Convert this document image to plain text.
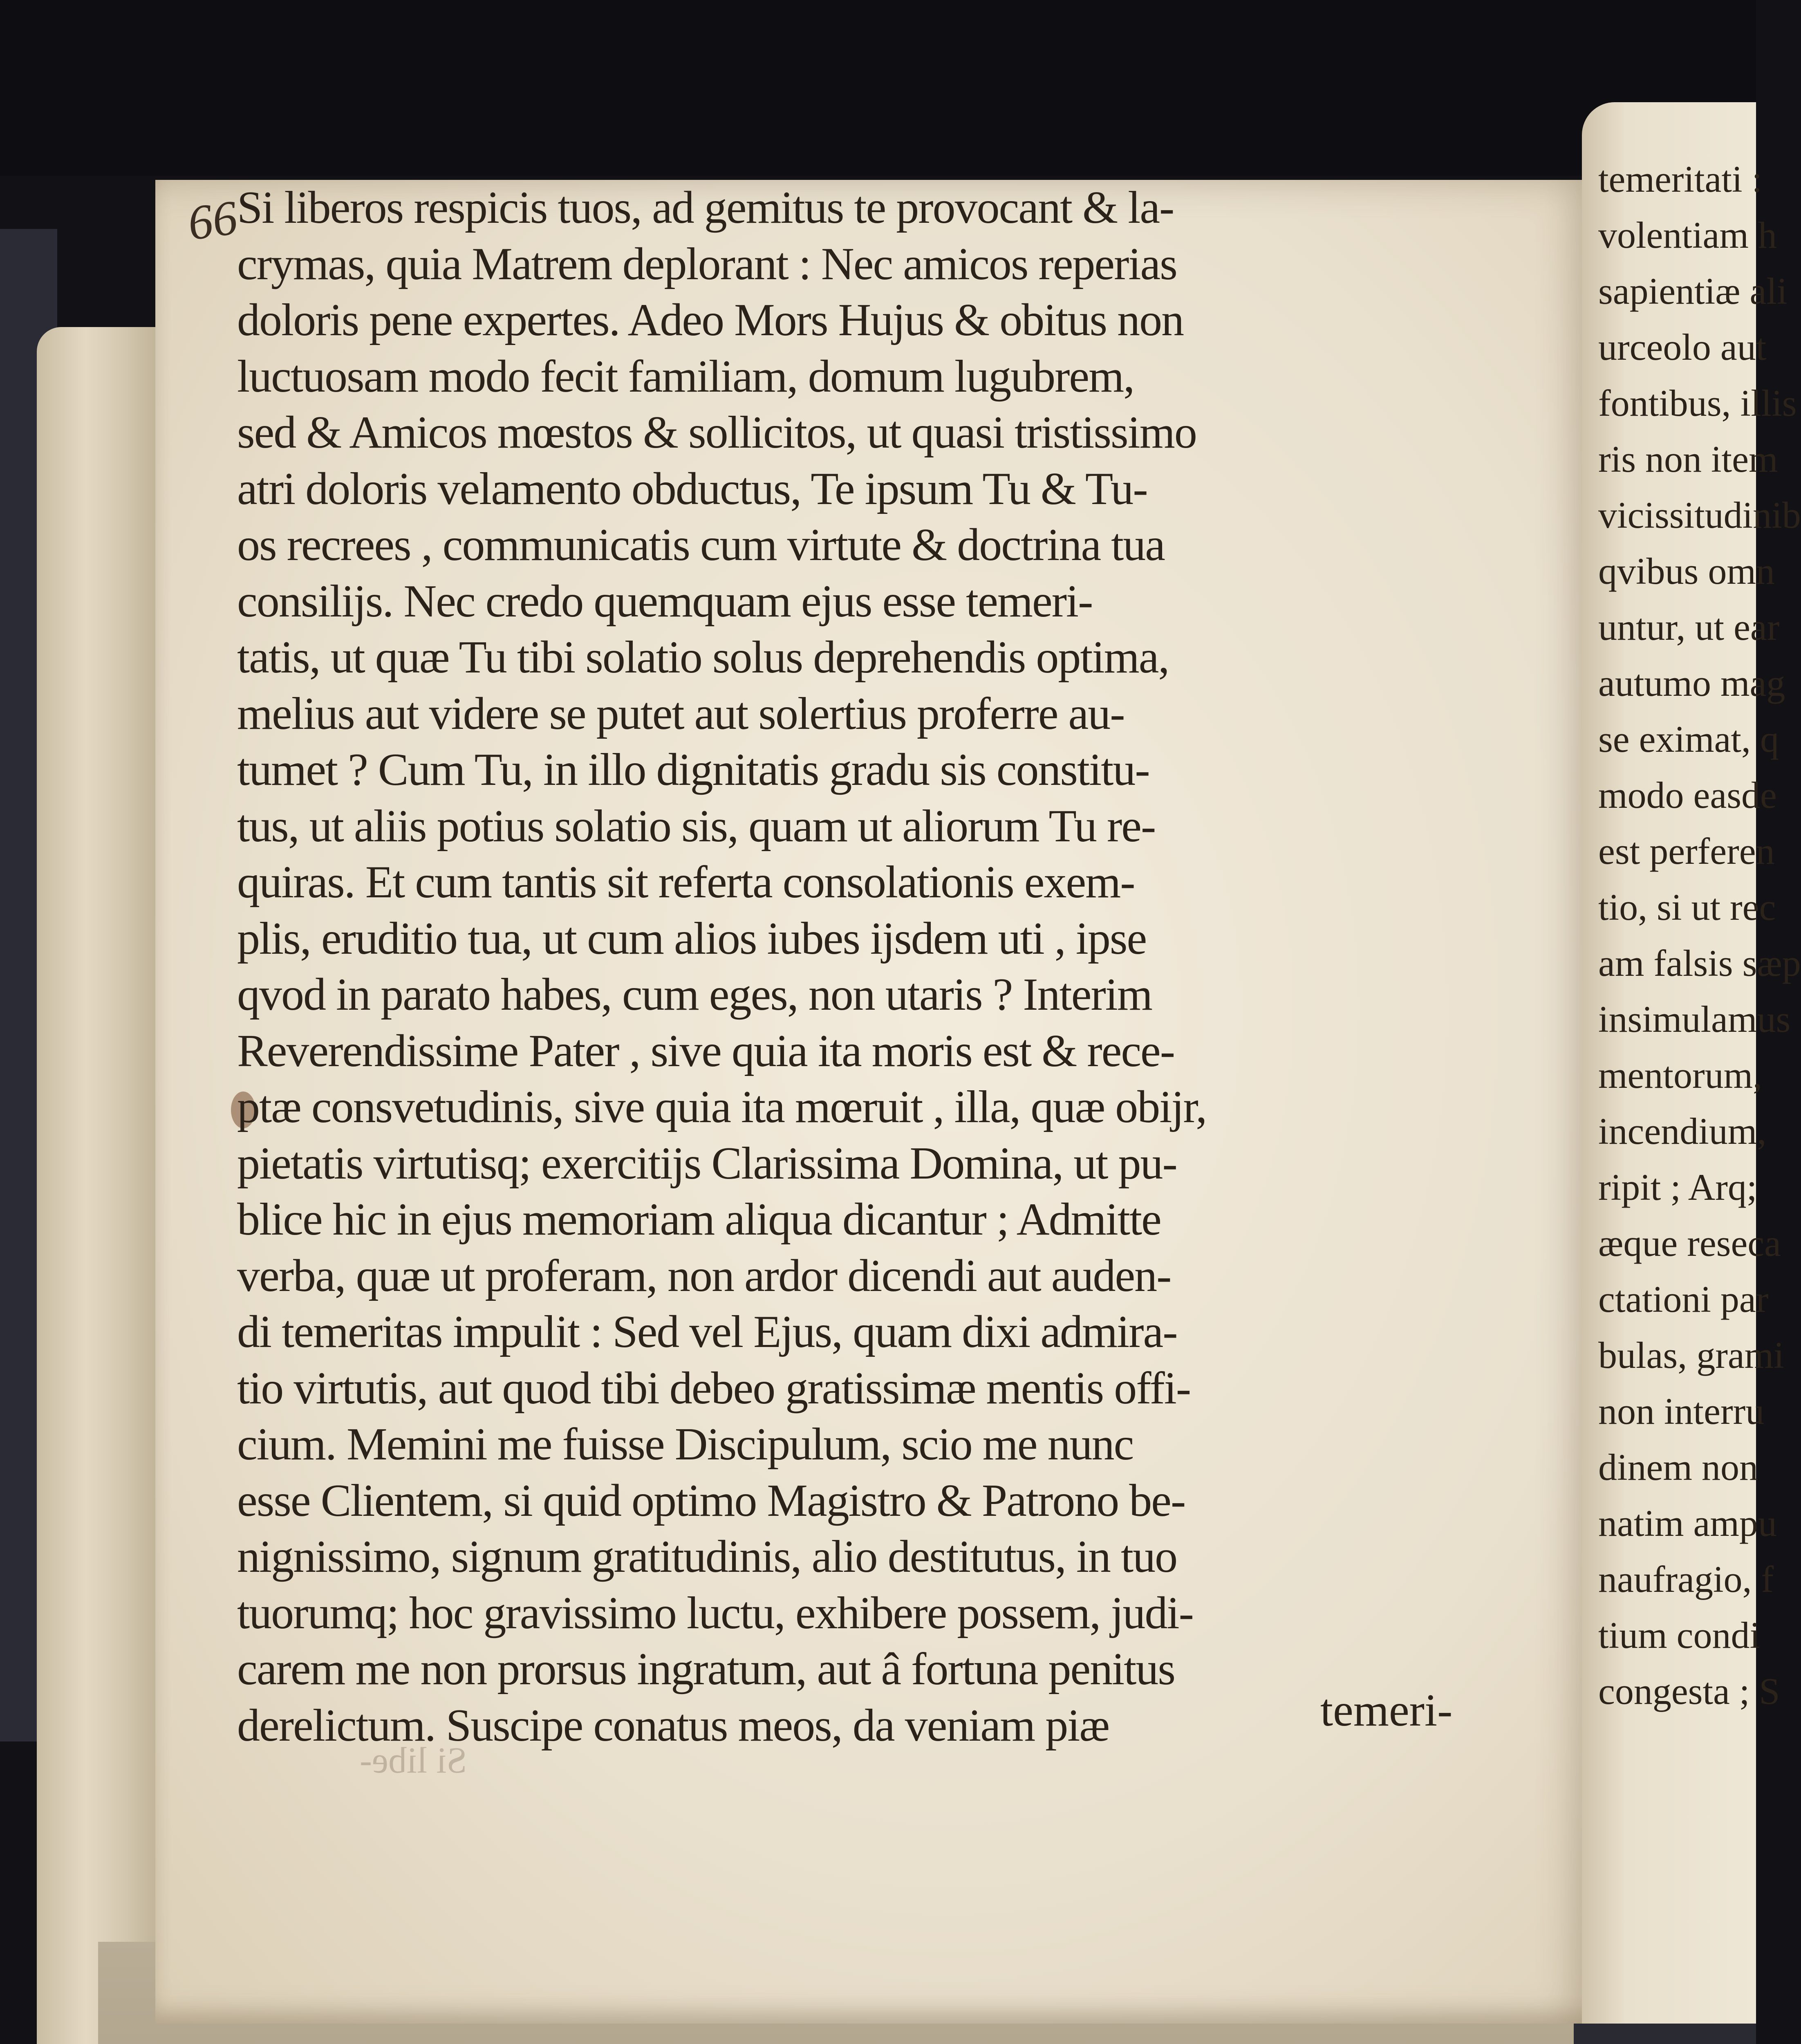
66
Si liberos respicis tuos, ad gemitus te provocant & la-
crymas, quia Matrem deplorant : Nec amicos reperias
doloris pene expertes. Adeo Mors Hujus & obitus non
luctuosam modo fecit familiam, domum lugubrem,
sed & Amicos mœstos & sollicitos, ut quasi tristissimo
atri doloris velamento obductus, Te ipsum Tu & Tu-
os recrees , communicatis cum virtute & doctrina tua
consilijs. Nec credo quemquam ejus esse temeri-
tatis, ut quæ Tu tibi solatio solus deprehendis optima,
melius aut videre se putet aut solertius proferre au-
tumet ? Cum Tu, in illo dignitatis gradu sis constitu-
tus, ut aliis potius solatio sis, quam ut aliorum Tu re-
quiras. Et cum tantis sit referta consolationis exem-
plis, eruditio tua, ut cum alios iubes ijsdem uti , ipse
qvod in parato habes, cum eges, non utaris ? Interim
Reverendissime Pater , sive quia ita moris est & rece-
ptæ consvetudinis, sive quia ita mœruit , illa, quæ obijr,
pietatis virtutisq; exercitijs Clarissima Domina, ut pu-
blice hic in ejus memoriam aliqua dicantur ; Admitte
verba, quæ ut proferam, non ardor dicendi aut auden-
di temeritas impulit : Sed vel Ejus, quam dixi admira-
tio virtutis, aut quod tibi debeo gratissimæ mentis offi-
cium. Memini me fuisse Discipulum, scio me nunc
esse Clientem, si quid optimo Magistro & Patrono be-
nignissimo, signum gratitudinis, alio destitutus, in tuo
tuorumq; hoc gravissimo luctu, exhibere possem, judi-
carem me non prorsus ingratum, aut â fortuna penitus
derelictum. Suscipe conatus meos, da veniam piæ	temeri-
Si libe-
temeritati :
volentiam h
sapientiæ ali
urceolo aut
fontibus, illis
ris non item
vicissitudinib
qvibus omn
untur, ut ear
autumo mag
se eximat, q
modo easde
est perferen
tio, si ut rec
am falsis sæp
insimulamus
mentorum,
incendium,
ripit ; Arq;
æque reseca
ctationi par
bulas, grami
non interru
dinem non
natim ampu
naufragio, f
tium condi
congesta ; S
